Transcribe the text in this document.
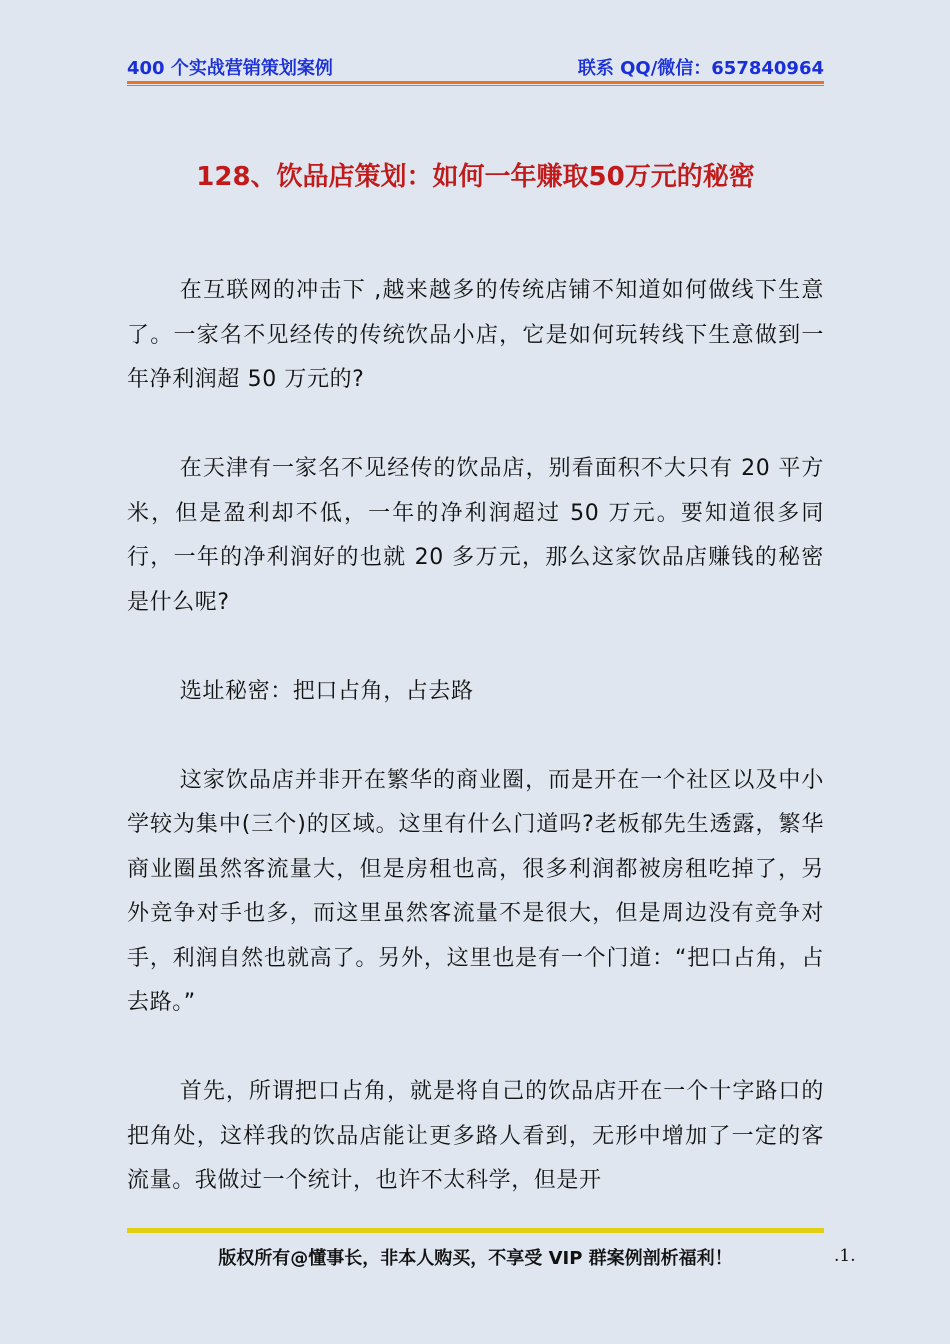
400 个实战营销策划案例	联系 QQ/微信：657840964
128、饮品店策划：如何一年赚取50万元的秘密

在互联网的冲击下 ,越来越多的传统店铺不知道如何做线下生意了。一家名不见经传的传统饮品小店，它是如何玩转线下生意做到一年净利润超 50 万元的?

在天津有一家名不见经传的饮品店，别看面积不大只有 20 平方米，但是盈利却不低，一年的净利润超过 50 万元。要知道很多同行，一年的净利润好的也就 20 多万元，那么这家饮品店赚钱的秘密是什么呢?

选址秘密：把口占角，占去路

这家饮品店并非开在繁华的商业圈，而是开在一个社区以及中小学较为集中(三个)的区域。这里有什么门道吗?老板郁先生透露，繁华商业圈虽然客流量大，但是房租也高，很多利润都被房租吃掉了，另外竞争对手也多，而这里虽然客流量不是很大，但是周边没有竞争对手，利润自然也就高了。另外，这里也是有一个门道：“把口占角，占去路。”

首先，所谓把口占角，就是将自己的饮品店开在一个十字路口的把角处，这样我的饮品店能让更多路人看到，无形中增加了一定的客流量。我做过一个统计，也许不太科学，但是开

版权所有@懂事长，非本人购买，不享受 VIP 群案例剖析福利！	.1.
